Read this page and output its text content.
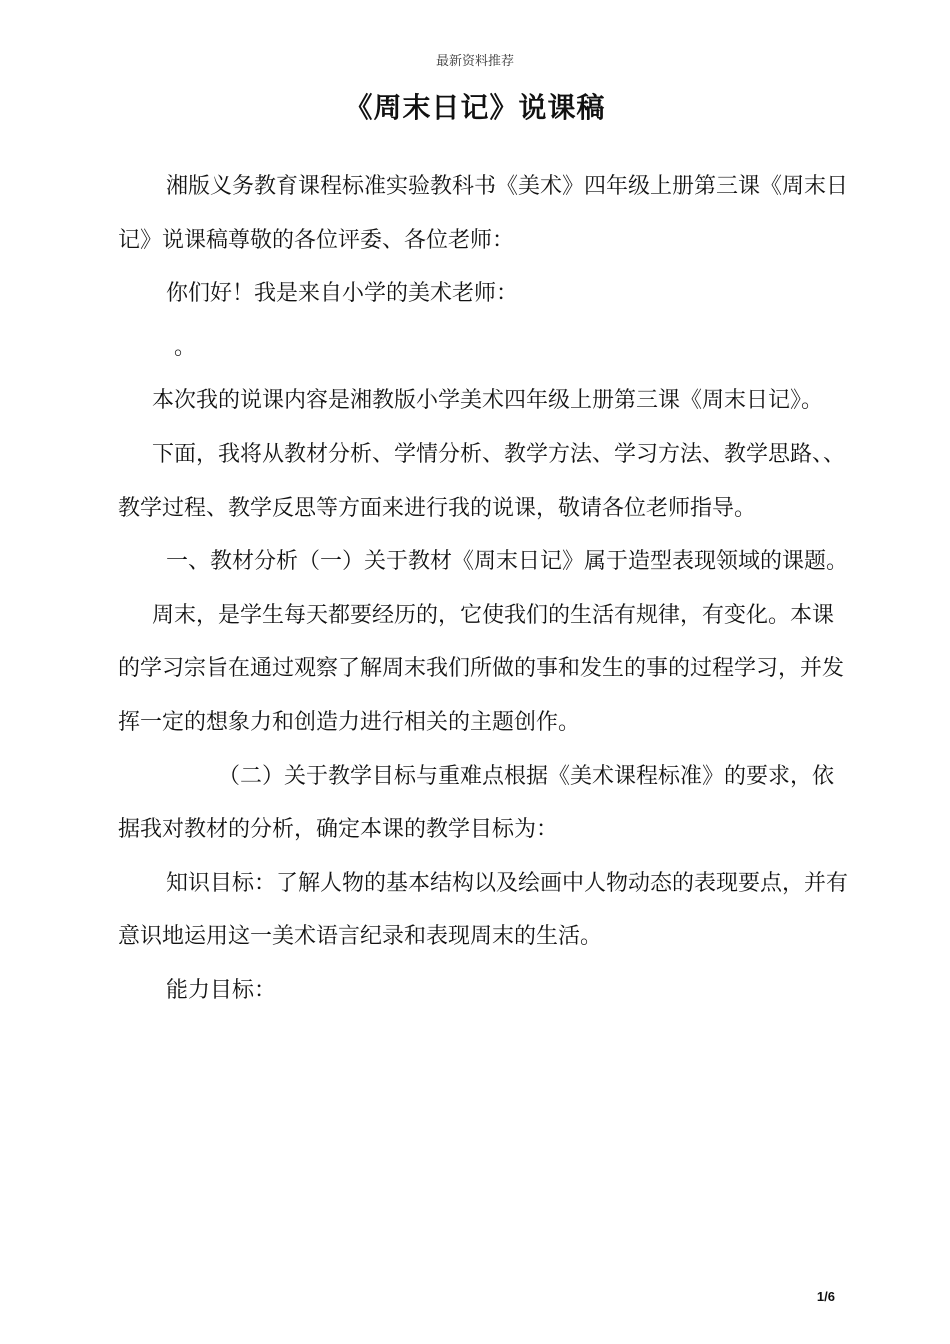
最新资料推荐
《周末日记》说课稿

湘版义务教育课程标准实验教科书《美术》四年级上册第三课《周末日记》说课稿尊敬的各位评委、各位老师：

你们好！我是来自小学的美术老师：

。

本次我的说课内容是湘教版小学美术四年级上册第三课《周末日记》。

下面，我将从教材分析、学情分析、教学方法、学习方法、教学思路、、教学过程、教学反思等方面来进行我的说课，敬请各位老师指导。

一、教材分析（一）关于教材《周末日记》属于造型表现领域的课题。

周末，是学生每天都要经历的，它使我们的生活有规律，有变化。本课的学习宗旨在通过观察了解周末我们所做的事和发生的事的过程学习，并发挥一定的想象力和创造力进行相关的主题创作。

（二）关于教学目标与重难点根据《美术课程标准》的要求，依据我对教材的分析，确定本课的教学目标为：

知识目标：了解人物的基本结构以及绘画中人物动态的表现要点，并有意识地运用这一美术语言纪录和表现周末的生活。

能力目标：

1/6
